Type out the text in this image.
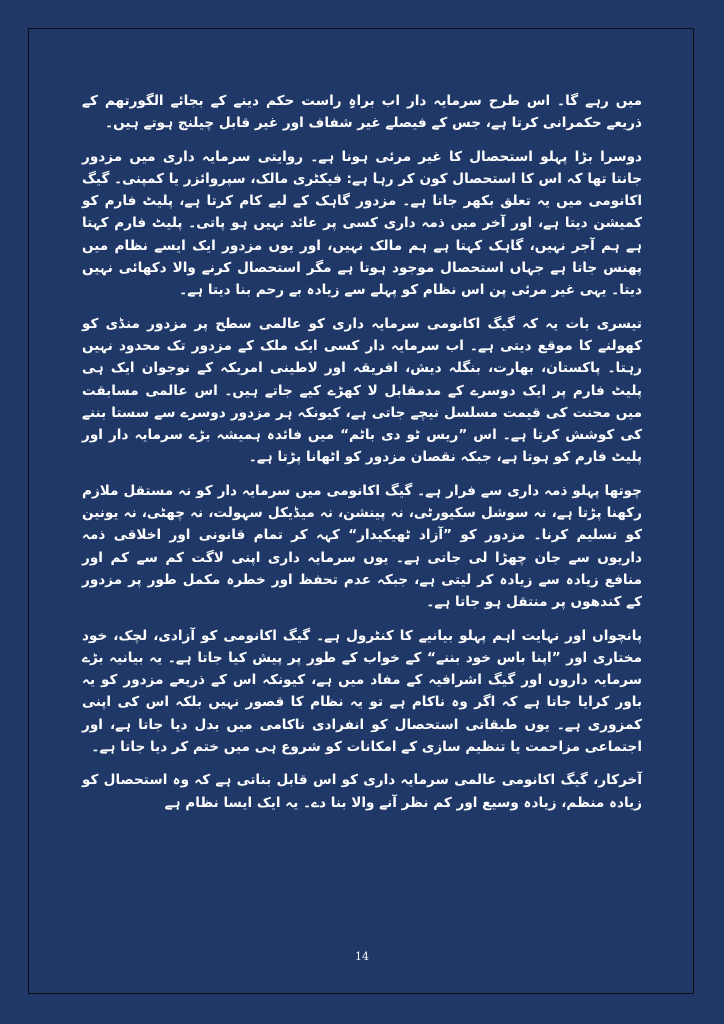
میں رہے گا۔ اس طرح سرمایہ دار اب براہِ راست حکم دینے کے بجائے الگورتھم کے ذریعے حکمرانی کرتا ہے، جس کے فیصلے غیر شفاف اور غیر قابل چیلنج ہوتے ہیں۔

دوسرا بڑا پہلو استحصال کا غیر مرئی ہونا ہے۔ روایتی سرمایہ داری میں مزدور جانتا تھا کہ اس کا استحصال کون کر رہا ہے: فیکٹری مالک، سپروائزر یا کمپنی۔ گیگ اکانومی میں یہ تعلق بکھر جاتا ہے۔ مزدور گاہک کے لیے کام کرتا ہے، پلیٹ فارم کو کمیشن دیتا ہے، اور آخر میں ذمہ داری کسی پر عائد نہیں ہو پاتی۔ پلیٹ فارم کہتا ہے ہم آجر نہیں، گاہک کہتا ہے ہم مالک نہیں، اور یوں مزدور ایک ایسے نظام میں پھنس جاتا ہے جہاں استحصال موجود ہوتا ہے مگر استحصال کرنے والا دکھائی نہیں دیتا۔ یہی غیر مرئی پن اس نظام کو پہلے سے زیادہ بے رحم بنا دیتا ہے۔

تیسری بات یہ کہ گیگ اکانومی سرمایہ داری کو عالمی سطح پر مزدور منڈی کو کھولنے کا موقع دیتی ہے۔ اب سرمایہ دار کسی ایک ملک کے مزدور تک محدود نہیں رہتا۔ پاکستان، بھارت، بنگلہ دیش، افریقہ اور لاطینی امریکہ کے نوجوان ایک ہی پلیٹ فارم پر ایک دوسرے کے مدمقابل لا کھڑے کیے جاتے ہیں۔ اس عالمی مسابقت میں محنت کی قیمت مسلسل نیچے جاتی ہے، کیونکہ ہر مزدور دوسرے سے سستا بننے کی کوشش کرتا ہے۔ اس ”ریس ٹو دی باٹم“ میں فائدہ ہمیشہ بڑے سرمایہ دار اور پلیٹ فارم کو ہوتا ہے، جبکہ نقصان مزدور کو اٹھانا پڑتا ہے۔

چوتھا پہلو ذمہ داری سے فرار ہے۔ گیگ اکانومی میں سرمایہ دار کو نہ مستقل ملازم رکھنا پڑتا ہے، نہ سوشل سکیورٹی، نہ پینشن، نہ میڈیکل سہولت، نہ چھٹی، نہ یونین کو تسلیم کرنا۔ مزدور کو ”آزاد ٹھیکیدار“ کہہ کر تمام قانونی اور اخلاقی ذمہ داریوں سے جان چھڑا لی جاتی ہے۔ یوں سرمایہ داری اپنی لاگت کم سے کم اور منافع زیادہ سے زیادہ کر لیتی ہے، جبکہ عدم تحفظ اور خطرہ مکمل طور پر مزدور کے کندھوں پر منتقل ہو جاتا ہے۔

پانچواں اور نہایت اہم پہلو بیانیے کا کنٹرول ہے۔ گیگ اکانومی کو آزادی، لچک، خود مختاری اور ”اپنا باس خود بننے“ کے خواب کے طور پر پیش کیا جاتا ہے۔ یہ بیانیہ بڑے سرمایہ داروں اور گیگ اشرافیہ کے مفاد میں ہے، کیونکہ اس کے ذریعے مزدور کو یہ باور کرایا جاتا ہے کہ اگر وہ ناکام ہے تو یہ نظام کا قصور نہیں بلکہ اس کی اپنی کمزوری ہے۔ یوں طبقاتی استحصال کو انفرادی ناکامی میں بدل دیا جاتا ہے، اور اجتماعی مزاحمت یا تنظیم سازی کے امکانات کو شروع ہی میں ختم کر دیا جاتا ہے۔

آخرکار، گیگ اکانومی عالمی سرمایہ داری کو اس قابل بناتی ہے کہ وہ استحصال کو زیادہ منظم، زیادہ وسیع اور کم نظر آنے والا بنا دے۔ یہ ایک ایسا نظام ہے

14
